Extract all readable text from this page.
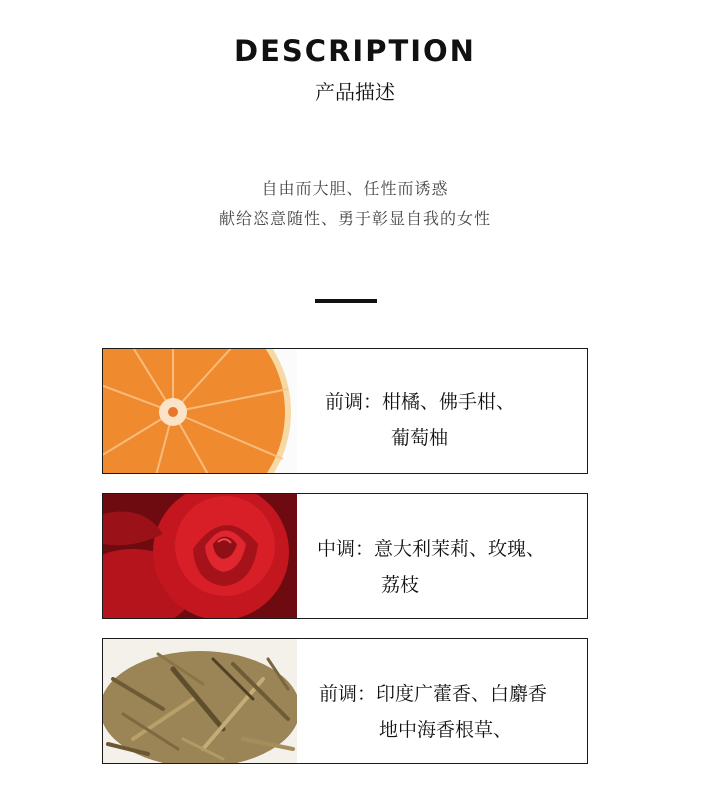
DESCRIPTION
产品描述
自由而大胆、任性而诱惑
献给恣意随性、勇于彰显自我的女性
前调：柑橘、佛手柑、
葡萄柚
中调：意大利茉莉、玫瑰、
荔枝
前调：印度广藿香、白麝香
地中海香根草、
